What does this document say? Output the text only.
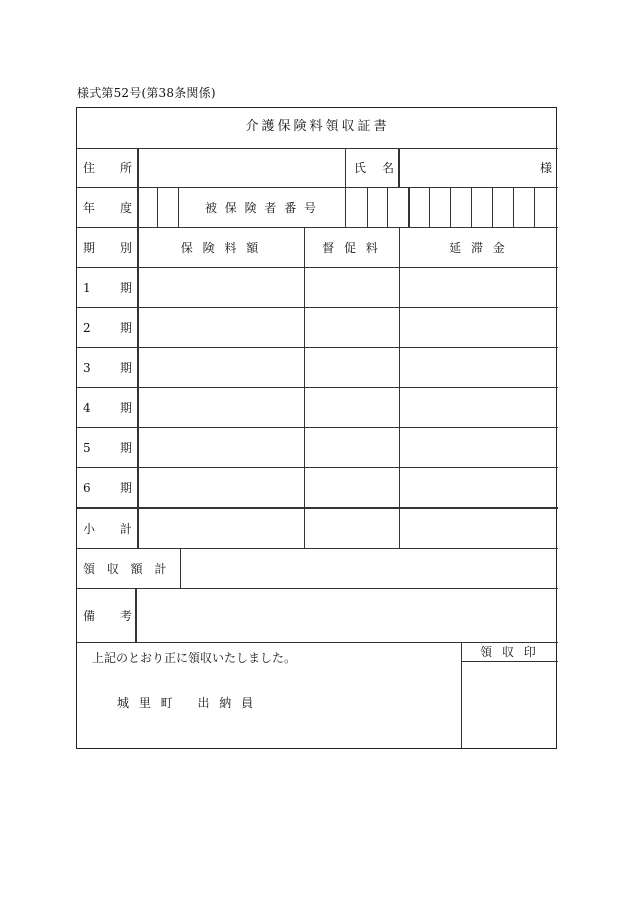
様式第52号(第38条関係)
介護保険料領収証書
住 所	氏 名	様
年 度	被 保 険 者 番 号
期 別	保 険 料 額	督 促 料	延 滞 金
1 期
2 期
3 期
4 期
5 期
6 期
小 計
領 収 額 計
備 考
上記のとおり正に領収いたしました。	領 収 印
城 里 町　 出 納 員
